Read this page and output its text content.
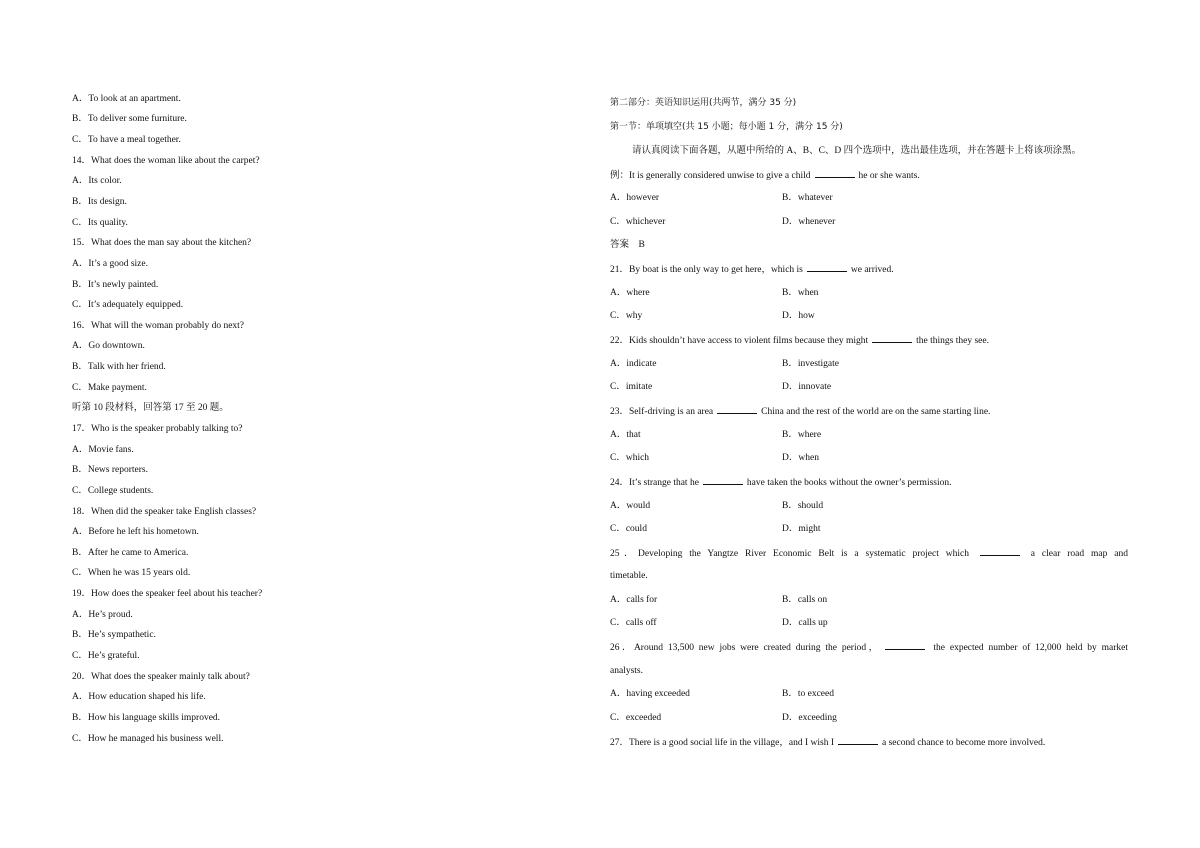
A．To look at an apartment.
B．To deliver some furniture.
C．To have a meal together.
14．What does the woman like about the carpet?
A．Its color.
B．Its design.
C．Its quality.
15．What does the man say about the kitchen?
A．It’s a good size.
B．It’s newly painted.
C．It’s adequately equipped.
16．What will the woman probably do next?
A．Go downtown.
B．Talk with her friend.
C．Make payment.
听第 10 段材料，回答第 17 至 20 题。
17．Who is the speaker probably talking to?
A．Movie fans.
B．News reporters.
C．College students.
18．When did the speaker take English classes?
A．Before he left his hometown.
B．After he came to America.
C．When he was 15 years old.
19．How does the speaker feel about his teacher?
A．He’s proud.
B．He’s sympathetic.
C．He’s grateful.
20．What does the speaker mainly talk about?
A．How education shaped his life.
B．How his language skills improved.
C．How he managed his business well.
第二部分：英语知识运用(共两节，满分 35 分)
第一节：单项填空(共 15 小题；每小题 1 分，满分 15 分)
请认真阅读下面各题，从题中所给的 A、B、C、D 四个选项中，选出最佳选项，并在答题卡上将该项涂黑。
例：It is generally considered unwise to give a child	he or she wants.
A．however	B．whatever
C．whichever	D．whenever
答案　B
21．By boat is the only way to get here，which is	we arrived.
A．where	B．when
C．why	D．how
22．Kids shouldn’t have access to violent films because they might	the things they see.
A．indicate	B．investigate
C．imitate	D．innovate
23．Self-driving is an area	China and the rest of the world are on the same starting line.
A．that	B．where
C．which	D．when
24．It’s strange that he	have taken the books without the owner’s permission.
A．would	B．should
C．could	D．might
25．Developing the Yangtze River Economic Belt is a systematic project which	a clear road map and
timetable.
A．calls for	B．calls on
C．calls off	D．calls up
26．Around 13,500 new jobs were created during the period，	the expected number of 12,000 held by market
analysts.
A．having exceeded	B．to exceed
C．exceeded	D．exceeding
27．There is a good social life in the village，and I wish I	a second chance to become more involved.
